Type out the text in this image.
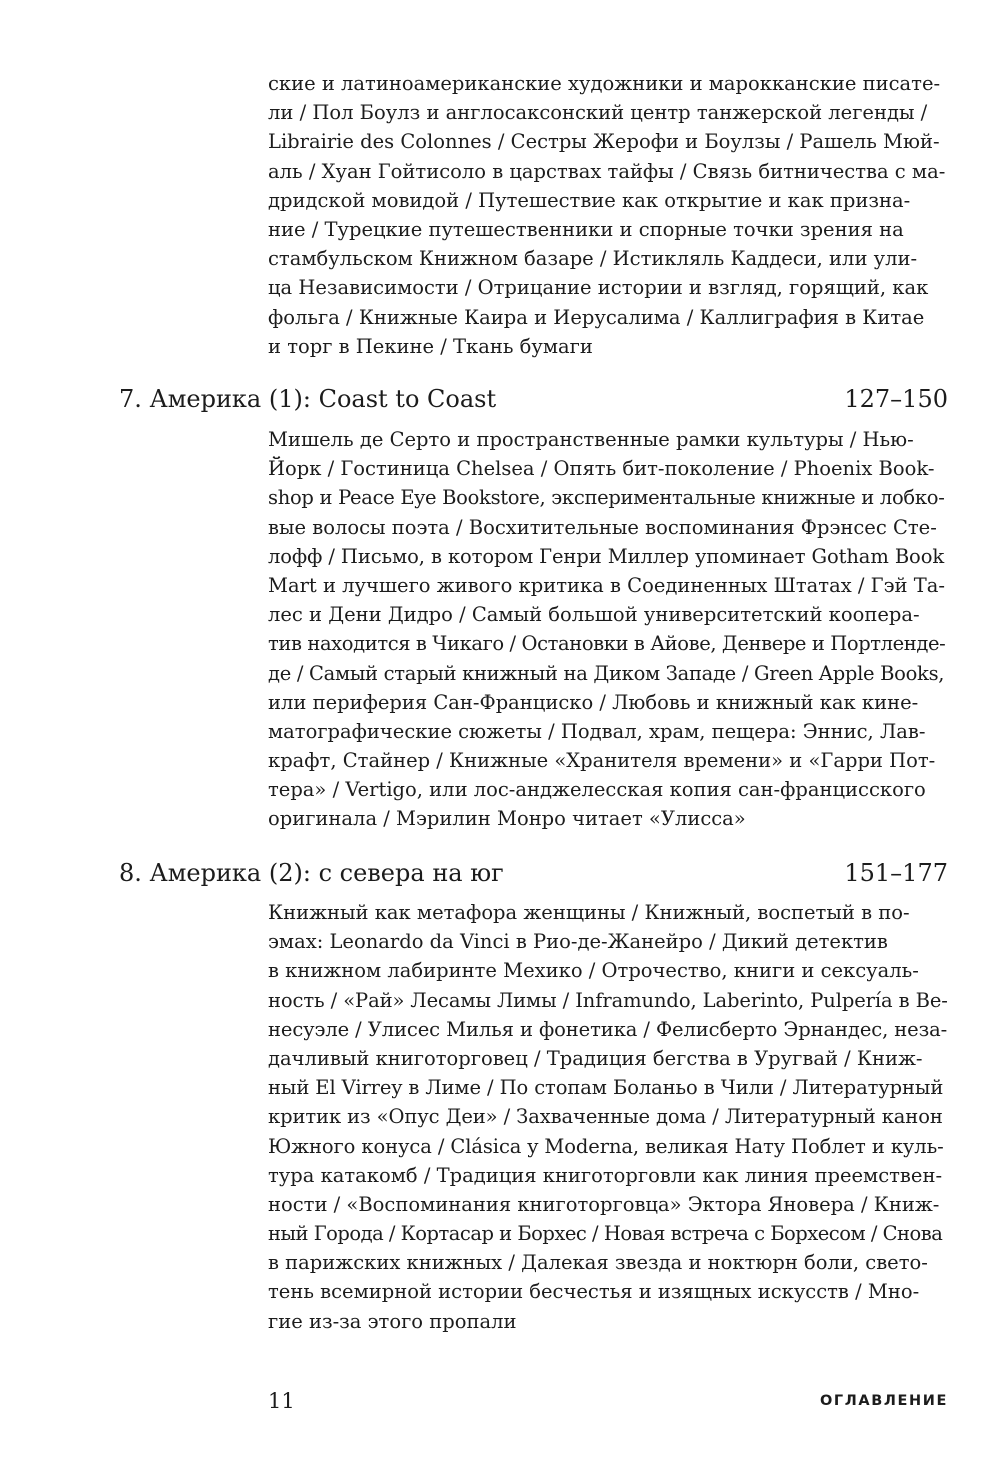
ские и латиноамериканские художники и марокканские писате-
ли / Пол Боулз и англосаксонский центр танжерской легенды /
Librairie des Colonnes / Сестры Жерофи и Боулзы / Рашель Мюй-
аль / Хуан Гойтисоло в царствах тайфы / Связь битничества с ма-
дридской мовидой / Путешествие как открытие и как призна-
ние / Турецкие путешественники и спорные точки зрения на
стамбульском Книжном базаре / Истикляль Каддеси, или ули-
ца Независимости / Отрицание истории и взгляд, горящий, как
фольга / Книжные Каира и Иерусалима / Каллиграфия в Китае
и торг в Пекине / Ткань бумаги
7. Америка (1): Coast to Coast	127–150
Мишель де Серто и пространственные рамки культуры / Нью-
Йорк / Гостиница Chelsea / Опять бит-поколение / Phoenix Book-
shop и Peace Eye Bookstore, экспериментальные книжные и лобко-
вые волосы поэта / Восхитительные воспоминания Фрэнсес Сте-
лофф / Письмо, в котором Генри Миллер упоминает Gotham Book
Mart и лучшего живого критика в Соединенных Штатах / Гэй Та-
лес и Дени Дидро / Самый большой университетский коопера-
тив находится в Чикаго / Остановки в Айове, Денвере и Портленде-
де / Самый старый книжный на Диком Западе / Green Apple Books,
или периферия Сан-Франциско / Любовь и книжный как кине-
матографические сюжеты / Подвал, храм, пещера: Эннис, Лав-
крафт, Стайнер / Книжные «Хранителя времени» и «Гарри Пот-
тера» / Vertigo, или лос-анджелесская копия сан-францисского
оригинала / Мэрилин Монро читает «Улисса»
8. Америка (2): с севера на юг	151–177
Книжный как метафора женщины / Книжный, воспетый в по-
эмах: Leonardo da Vinci в Рио-де-Жанейро / Дикий детектив
в книжном лабиринте Мехико / Отрочество, книги и сексуаль-
ность / «Рай» Лесамы Лимы / Inframundo, Laberinto, Pulpería в Ве-
несуэле / Улисес Милья и фонетика / Фелисберто Эрнандес, неза-
дачливый книготорговец / Традиция бегства в Уругвай / Книж-
ный El Virrey в Лиме / По стопам Боланьо в Чили / Литературный
критик из «Опус Деи» / Захваченные дома / Литературный канон
Южного конуса / Clásica y Moderna, великая Нату Поблет и куль-
тура катакомб / Традиция книготорговли как линия преемствен-
ности / «Воспоминания книготорговца» Эктора Яновера / Книж-
ный Города / Кортасар и Борхес / Новая встреча с Борхесом / Снова
в парижских книжных / Далекая звезда и ноктюрн боли, свето-
тень всемирной истории бесчестья и изящных искусств / Мно-
гие из-за этого пропали
11	ОГЛАВЛЕНИЕ
